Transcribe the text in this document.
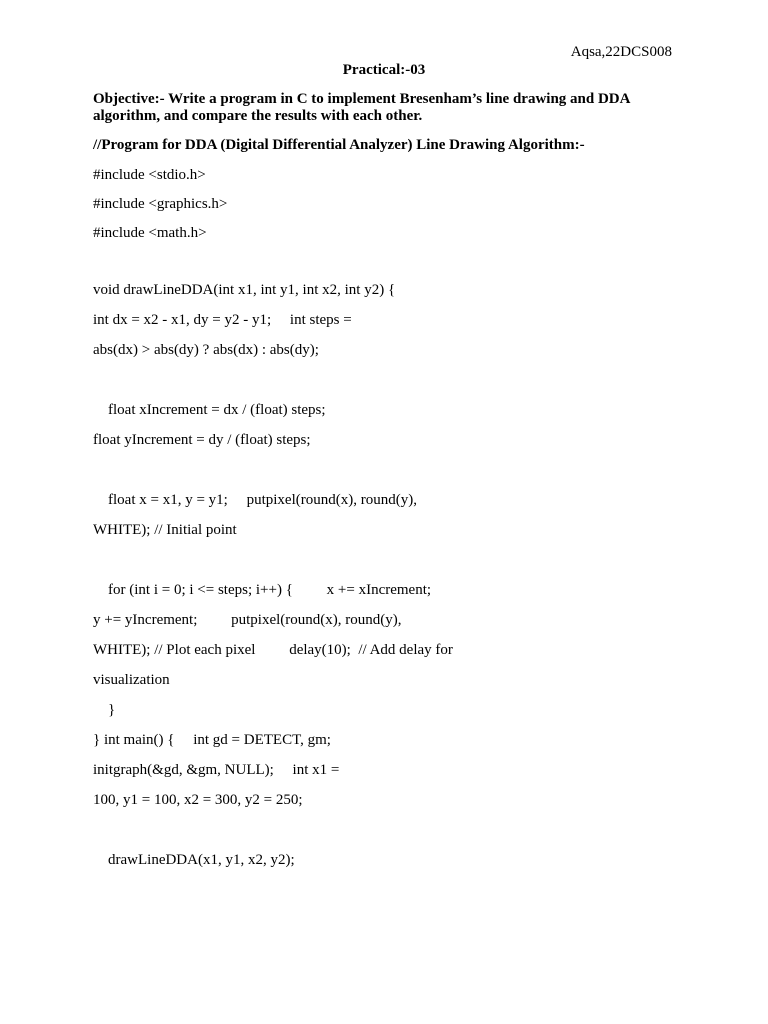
Aqsa,22DCS008
Practical:-03
Objective:- Write a program in C to implement Bresenham’s line drawing and DDA algorithm, and compare the results with each other.
//Program for DDA (Digital Differential Analyzer) Line Drawing Algorithm:-
#include <stdio.h>
#include <graphics.h>
#include <math.h>
void drawLineDDA(int x1, int y1, int x2, int y2) {
int dx = x2 - x1, dy = y2 - y1;     int steps =
abs(dx) > abs(dy) ? abs(dx) : abs(dy);
float xIncrement = dx / (float) steps;
float yIncrement = dy / (float) steps;
float x = x1, y = y1;     putpixel(round(x), round(y),
WHITE); // Initial point
for (int i = 0; i <= steps; i++) {         x += xIncrement;
y += yIncrement;         putpixel(round(x), round(y),
WHITE); // Plot each pixel         delay(10);  // Add delay for
visualization
}
} int main() {     int gd = DETECT, gm;
initgraph(&gd, &gm, NULL);     int x1 =
100, y1 = 100, x2 = 300, y2 = 250;
drawLineDDA(x1, y1, x2, y2);
